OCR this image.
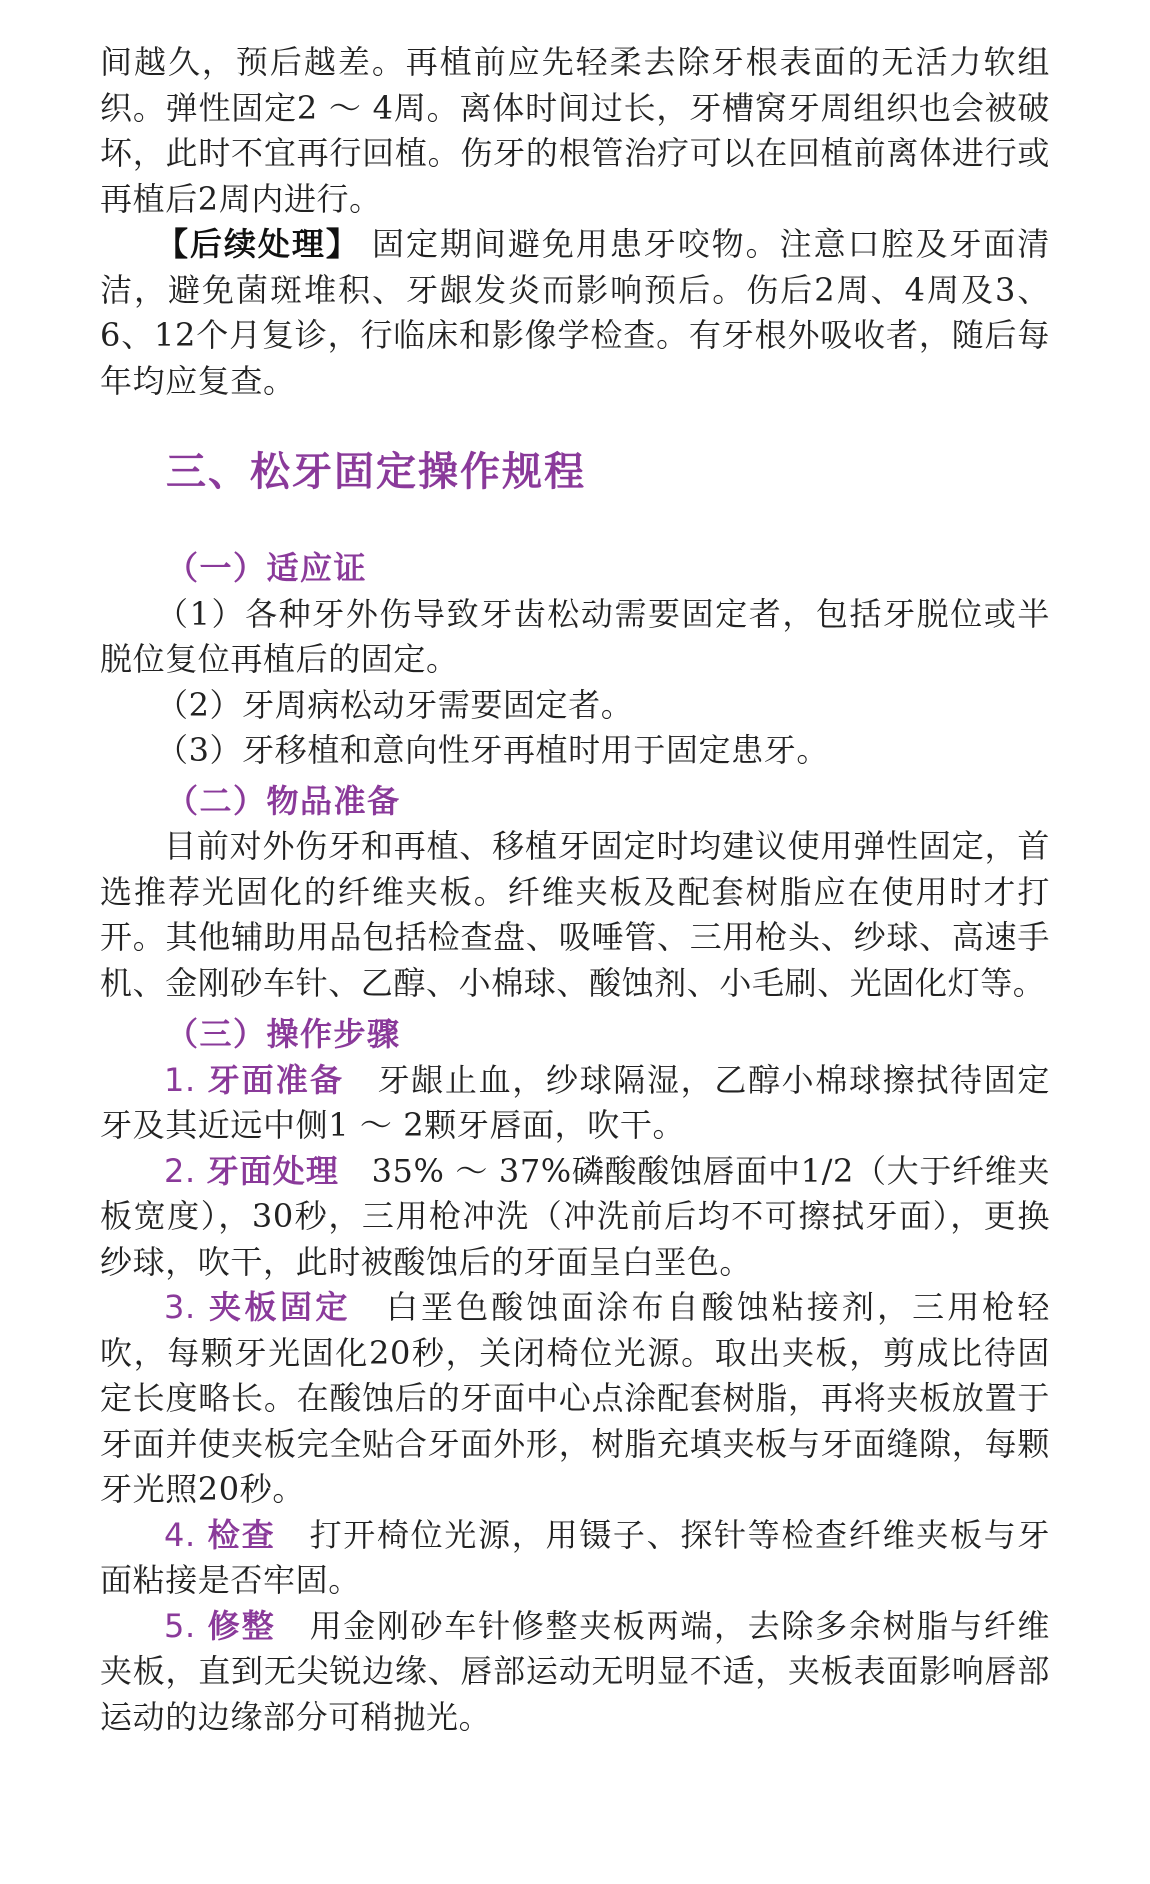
间越久，预后越差。再植前应先轻柔去除牙根表面的无活力软组织。弹性固定2 ～ 4周。离体时间过长，牙槽窝牙周组织也会被破坏，此时不宜再行回植。伤牙的根管治疗可以在回植前离体进行或再植后2周内进行。

【后续处理】 固定期间避免用患牙咬物。注意口腔及牙面清洁，避免菌斑堆积、牙龈发炎而影响预后。伤后2周、4周及3、6、12个月复诊，行临床和影像学检查。有牙根外吸收者，随后每年均应复查。

三、松牙固定操作规程
（一）适应证

（1）各种牙外伤导致牙齿松动需要固定者，包括牙脱位或半脱位复位再植后的固定。

（2）牙周病松动牙需要固定者。

（3）牙移植和意向性牙再植时用于固定患牙。

（二）物品准备

目前对外伤牙和再植、移植牙固定时均建议使用弹性固定，首选推荐光固化的纤维夹板。纤维夹板及配套树脂应在使用时才打开。其他辅助用品包括检查盘、吸唾管、三用枪头、纱球、高速手机、金刚砂车针、乙醇、小棉球、酸蚀剂、小毛刷、光固化灯等。

（三）操作步骤

1. 牙面准备　 牙龈止血，纱球隔湿，乙醇小棉球擦拭待固定牙及其近远中侧1 ～ 2颗牙唇面，吹干。

2. 牙面处理　 35% ～ 37%磷酸酸蚀唇面中1/2（大于纤维夹板宽度），30秒，三用枪冲洗（冲洗前后均不可擦拭牙面），更换纱球，吹干，此时被酸蚀后的牙面呈白垩色。

3. 夹板固定　 白垩色酸蚀面涂布自酸蚀粘接剂，三用枪轻吹，每颗牙光固化20秒，关闭椅位光源。取出夹板，剪成比待固定长度略长。在酸蚀后的牙面中心点涂配套树脂，再将夹板放置于牙面并使夹板完全贴合牙面外形，树脂充填夹板与牙面缝隙，每颗牙光照20秒。

4. 检查　 打开椅位光源，用镊子、探针等检查纤维夹板与牙面粘接是否牢固。

5. 修整　 用金刚砂车针修整夹板两端，去除多余树脂与纤维夹板，直到无尖锐边缘、唇部运动无明显不适，夹板表面影响唇部运动的边缘部分可稍抛光。
